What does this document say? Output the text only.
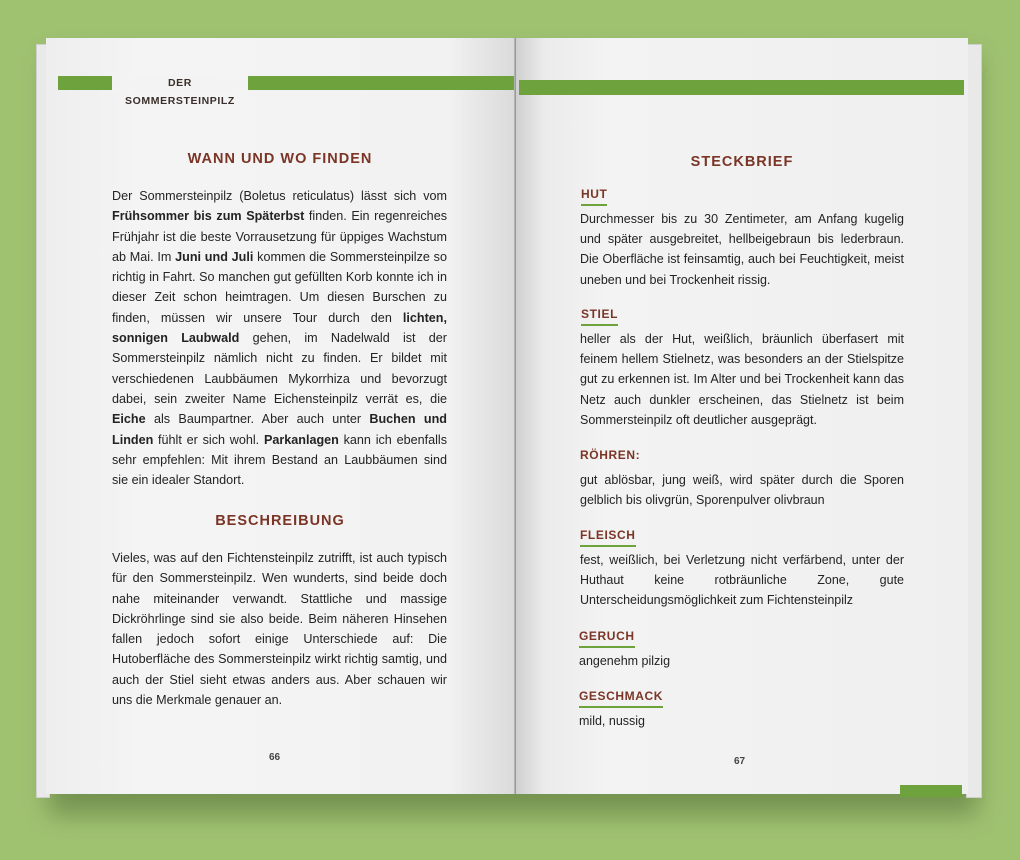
DER SOMMERSTEINPILZ
WANN UND WO FINDEN

Der Sommersteinpilz (Boletus reticulatus) lässt sich vom Frühsommer bis zum Späterbst finden. Ein regenreiches Frühjahr ist die beste Vorrausetzung für üppiges Wachstum ab Mai. Im Juni und Juli kommen die Sommersteinpilze so richtig in Fahrt. So manchen gut gefüllten Korb konnte ich in dieser Zeit schon heimtragen. Um diesen Burschen zu finden, müssen wir unsere Tour durch den lichten, sonnigen Laubwald gehen, im Nadelwald ist der Sommersteinpilz nämlich nicht zu finden. Er bildet mit verschiedenen Laubbäumen Mykorrhiza und bevorzugt dabei, sein zweiter Name Eichensteinpilz verrät es, die Eiche als Baumpartner. Aber auch unter Buchen und Linden fühlt er sich wohl. Parkanlagen kann ich ebenfalls sehr empfehlen: Mit ihrem Bestand an Laubbäumen sind sie ein idealer Standort.

BESCHREIBUNG

Vieles, was auf den Fichtensteinpilz zutrifft, ist auch typisch für den Sommersteinpilz. Wen wunderts, sind beide doch nahe miteinander verwandt. Stattliche und massige Dickröhrlinge sind sie also beide. Beim näheren Hinsehen fallen jedoch sofort einige Unterschiede auf: Die Hutoberfläche des Sommersteinpilz wirkt richtig samtig, und auch der Stiel sieht etwas anders aus. Aber schauen wir uns die Merkmale genauer an.

66
STECKBRIEF
HUT

Durchmesser bis zu 30 Zentimeter, am Anfang kugelig und später ausgebreitet, hellbeigebraun bis lederbraun. Die Oberfläche ist feinsamtig, auch bei Feuchtigkeit, meist uneben und bei Trockenheit rissig.

STIEL

heller als der Hut, weißlich, bräunlich überfasert mit feinem hellem Stielnetz, was besonders an der Stielspitze gut zu erkennen ist. Im Alter und bei Trockenheit kann das Netz auch dunkler erscheinen, das Stielnetz ist beim Sommersteinpilz oft deutlicher ausgeprägt.

RÖHREN:

gut ablösbar, jung weiß, wird später durch die Sporen gelblich bis olivgrün, Sporenpulver olivbraun

FLEISCH

fest, weißlich, bei Verletzung nicht verfärbend, unter der Huthaut keine rotbräunliche Zone, gute Unterscheidungsmöglichkeit zum Fichtensteinpilz

GERUCH

angenehm pilzig

GESCHMACK

mild, nussig

67
